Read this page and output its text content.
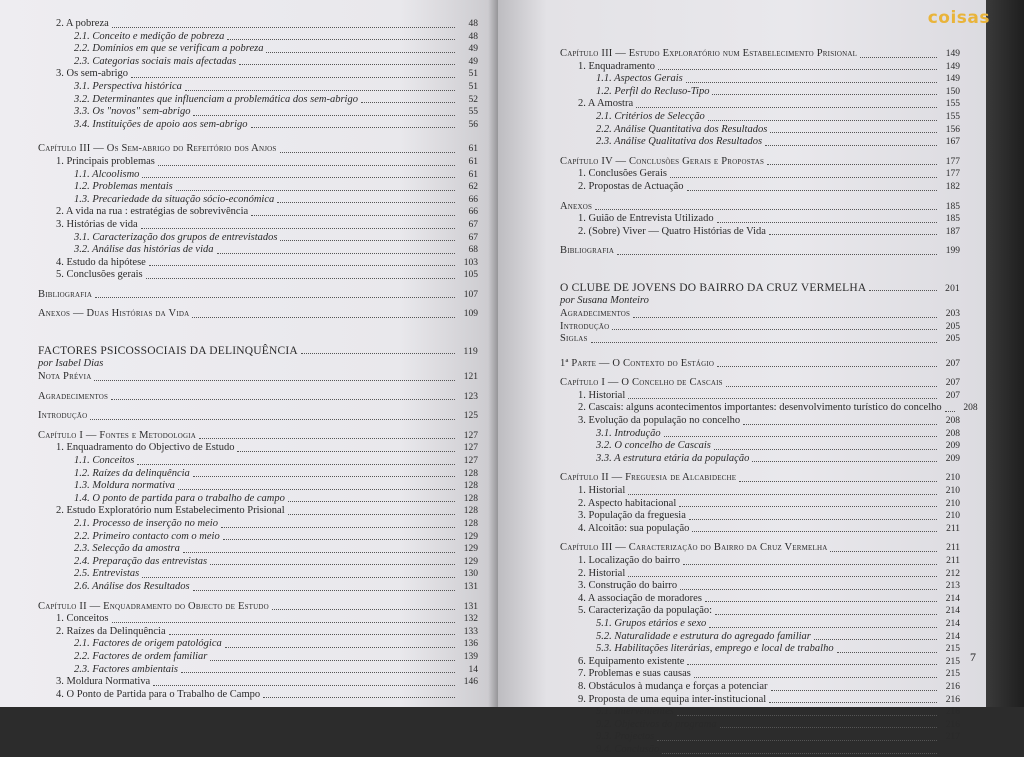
2. A pobreza	48
2.1. Conceito e medição de pobreza	48
2.2. Domínios em que se verificam a pobreza	49
2.3. Categorias sociais mais afectadas	49
3. Os sem-abrigo	51
3.1. Perspectiva histórica	51
3.2. Determinantes que influenciam a problemática dos sem-abrigo	52
3.3. Os "novos" sem-abrigo	55
3.4. Instituições de apoio aos sem-abrigo	56
Capítulo III — Os Sem-abrigo do Refeitório dos Anjos	61
1. Principais problemas	61
1.1. Alcoolismo	61
1.2. Problemas mentais	62
1.3. Precariedade da situação sócio-económica	66
2. A vida na rua : estratégias de sobrevivência	66
3. Histórias de vida	67
3.1. Caracterização dos grupos de entrevistados	67
3.2. Análise das histórias de vida	68
4. Estudo da hipótese	103
5. Conclusões gerais	105
Bibliografia	107
Anexos — Duas Histórias da Vida	109
FACTORES PSICOSSOCIAIS DA DELINQUÊNCIA	119
por Isabel Dias
Nota Prévia	121
Agradecimentos	123
Introdução	125
Capítulo I — Fontes e Metodologia	127
1. Enquadramento do Objectivo de Estudo	127
1.1. Conceitos	127
1.2. Raízes da delinquência	128
1.3. Moldura normativa	128
1.4. O ponto de partida para o trabalho de campo	128
2. Estudo Exploratório num Estabelecimento Prisional	128
2.1. Processo de inserção no meio	128
2.2. Primeiro contacto com o meio	129
2.3. Selecção da amostra	129
2.4. Preparação das entrevistas	129
2.5. Entrevistas	130
2.6. Análise dos Resultados	131
Capítulo II — Enquadramento do Objecto de Estudo	131
1. Conceitos	132
2. Raízes da Delinquência	133
2.1. Factores de origem patológica	136
2.2. Factores de ordem familiar	139
2.3. Factores ambientais	14
3. Moldura Normativa	146
4. O Ponto de Partida para o Trabalho de Campo
Capítulo III — Estudo Exploratório num Estabelecimento Prisional	149
1. Enquadramento	149
1.1. Aspectos Gerais	149
1.2. Perfil do Recluso-Tipo	150
2. A Amostra	155
2.1. Critérios de Selecção	155
2.2. Análise Quantitativa dos Resultados	156
2.3. Análise Qualitativa dos Resultados	167
Capítulo IV — Conclusões Gerais e Propostas	177
1. Conclusões Gerais	177
2. Propostas de Actuação	182
Anexos	185
1. Guião de Entrevista Utilizado	185
2. (Sobre) Viver — Quatro Histórias de Vida	187
Bibliografia	199
O CLUBE DE JOVENS DO BAIRRO DA CRUZ VERMELHA	201
por Susana Monteiro
Agradecimentos	203
Introdução	205
Siglas	205
1ª Parte — O Contexto do Estágio	207
Capítulo I — O Concelho de Cascais	207
1. Historial	207
2. Cascais: alguns acontecimentos importantes: desenvolvimento turístico do concelho	208
3. Evolução da população no concelho	208
3.1. Introdução	208
3.2. O concelho de Cascais	209
3.3. A estrutura etária da população	209
Capítulo II — Freguesia de Alcabideche	210
1. Historial	210
2. Aspecto habitacional	210
3. População da freguesia	210
4. Alcoitão: sua população	211
Capítulo III — Caracterização do Bairro da Cruz Vermelha	211
1. Localização do bairro	211
2. Historial	212
3. Construção do bairro	213
4. A associação de moradores	214
5. Caracterização da população:	214
5.1. Grupos etários e sexo	214
5.2. Naturalidade e estrutura do agregado familiar	214
5.3. Habilitações literárias, emprego e local de trabalho	215
6. Equipamento existente	215
7. Problemas e suas causas	215
8. Obstáculos à mudança e forças a potenciar	216
9. Proposta de uma equipa inter-institucional	216
9.1. Intervenientes	216
9.2. Objectivos do programa	216
9.3. Projectos	217
9.4. Conclusão
coisas
7
